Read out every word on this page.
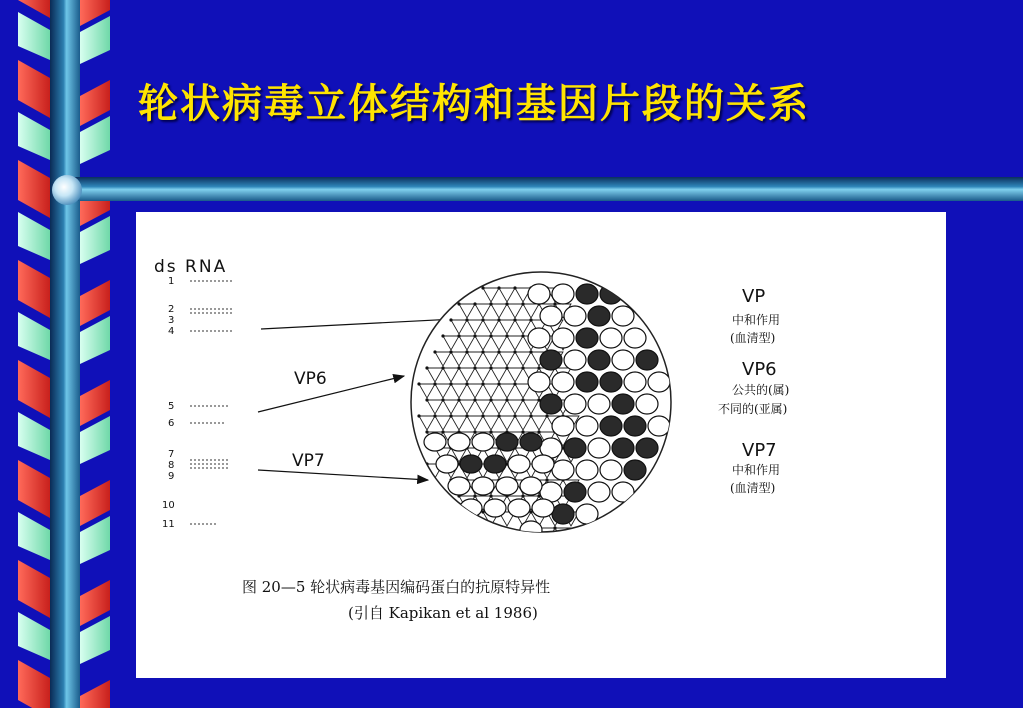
轮状病毒立体结构和基因片段的关系
ds RNA
1
2
3
4
5
6
7
8
9
10
11
VP6
VP7
VP
中和作用
(血清型)
VP6
公共的(属)
不同的(亚属)
VP7
中和作用
(血清型)
图 20—5 轮状病毒基因编码蛋白的抗原特异性
(引自 Kapikan et al 1986)
